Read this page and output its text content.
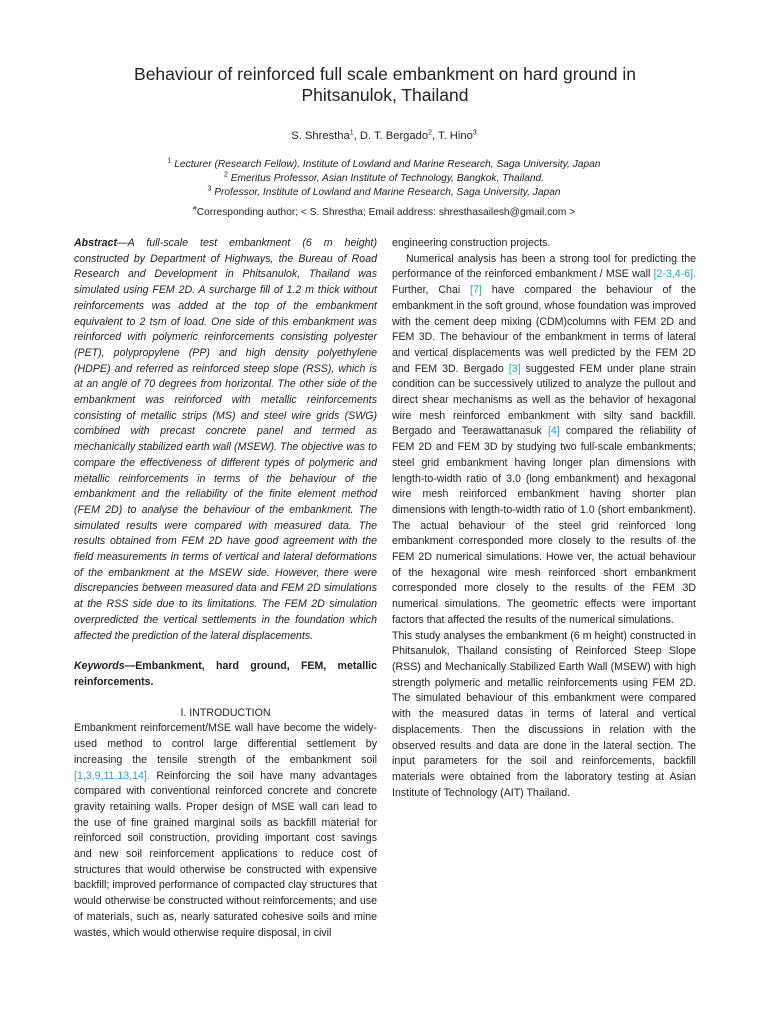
Behaviour of reinforced full scale embankment on hard ground in Phitsanulok, Thailand
S. Shrestha$^1$, D. T. Bergado$^2$, T. Hino$^3$
$^1$ Lecturer (Research Fellow), Institute of Lowland and Marine Research, Saga University, Japan
$^2$ Emeritus Professor, Asian Institute of Technology, Bangkok, Thailand.
$^3$ Professor, Institute of Lowland and Marine Research, Saga University, Japan
#Corresponding author; < S. Shrestha; Email address: shresthasailesh@gmail.com >

Abstract—A full-scale test embankment (6 m height) constructed by Department of Highways, the Bureau of Road Research and Development in Phitsanulok, Thailand was simulated using FEM 2D. A surcharge fill of 1.2 m thick without reinforcements was added at the top of the embankment equivalent to 2 tsm of load. One side of this embankment was reinforced with polymeric reinforcements consisting polyester (PET), polypropylene (PP) and high density polyethylene (HDPE) and referred as reinforced steep slope (RSS), which is at an angle of 70 degrees from horizontal. The other side of the embankment was reinforced with metallic reinforcements consisting of metallic strips (MS) and steel wire grids (SWG) combined with precast concrete panel and termed as mechanically stabilized earth wall (MSEW). The objective was to compare the effectiveness of different types of polymeric and metallic reinforcements in terms of the behaviour of the embankment and the reliability of the finite element method (FEM 2D) to analyse the behaviour of the embankment. The simulated results were compared with measured data. The results obtained from FEM 2D have good agreement with the field measurements in terms of vertical and lateral deformations of the embankment at the MSEW side. However, there were discrepancies between measured data and FEM 2D simulations at the RSS side due to its limitations. The FEM 2D simulation overpredicted the vertical settlements in the foundation which affected the prediction of the lateral displacements.

Keywords—Embankment, hard ground, FEM, metallic reinforcements.

I. INTRODUCTION

Embankment reinforcement/MSE wall have become the widely-used method to control large differential settlement by increasing the tensile strength of the embankment soil [1,3,9,11,13,14]. Reinforcing the soil have many advantages compared with conventional reinforced concrete and concrete gravity retaining walls. Proper design of MSE wall can lead to the use of fine grained marginal soils as backfill material for reinforced soil construction, providing important cost savings and new soil reinforcement applications to reduce cost of structures that would otherwise be constructed with expensive backfill; improved performance of compacted clay structures that would otherwise be constructed without reinforcements; and use of materials, such as, nearly saturated cohesive soils and mine wastes, which would otherwise require disposal, in civil

engineering construction projects.

Numerical analysis has been a strong tool for predicting the performance of the reinforced embankment / MSE wall [2-3,4-6]. Further, Chai [7] have compared the behaviour of the embankment in the soft ground, whose foundation was improved with the cement deep mixing (CDM)columns with FEM 2D and FEM 3D. The behaviour of the embankment in terms of lateral and vertical displacements was well predicted by the FEM 2D and FEM 3D. Bergado [3] suggested FEM under plane strain condition can be successively utilized to analyze the pullout and direct shear mechanisms as well as the behavior of hexagonal wire mesh reinforced embankment with silty sand backfill. Bergado and Teerawattanasuk [4] compared the reliability of FEM 2D and FEM 3D by studying two full-scale embankments; steel grid embankment having longer plan dimensions with length-to-width ratio of 3.0 (long embankment) and hexagonal wire mesh reinforced embankment having shorter plan dimensions with length-to-width ratio of 1.0 (short embankment). The actual behaviour of the steel grid reinforced long embankment corresponded more closely to the results of the FEM 2D numerical simulations. Howe ver, the actual behaviour of the hexagonal wire mesh reinforced short embankment corresponded more closely to the results of the FEM 3D numerical simulations. The geometric effects were important factors that affected the results of the numerical simulations.

This study analyses the embankment (6 m height) constructed in Phitsanulok, Thailand consisting of Reinforced Steep Slope (RSS) and Mechanically Stabilized Earth Wall (MSEW) with high strength polymeric and metallic reinforcements using FEM 2D. The simulated behaviour of this embankment were compared with the measured datas in terms of lateral and vertical displacements. Then the discussions in relation with the observed results and data are done in the lateral section. The input parameters for the soil and reinforcements, backfill materials were obtained from the laboratory testing at Asian Institute of Technology (AIT) Thailand.
